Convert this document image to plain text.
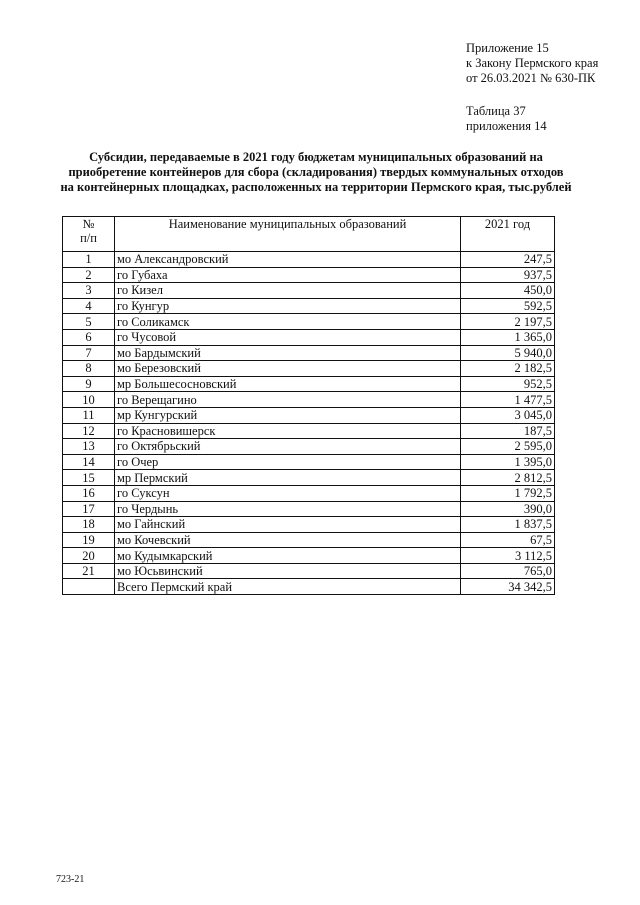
Приложение 15
к Закону Пермского края
от 26.03.2021 № 630-ПК
Таблица 37
приложения 14
Субсидии, передаваемые в 2021 году бюджетам муниципальных образований на
приобретение контейнеров для сбора (складирования) твердых коммунальных отходов
на контейнерных площадках, расположенных на территории Пермского края, тыс.рублей
№
п/п	Наименование муниципальных образований	2021 год
1	мо Александровский	247,5
2	го Губаха	937,5
3	го Кизел	450,0
4	го Кунгур	592,5
5	го Соликамск	2 197,5
6	го Чусовой	1 365,0
7	мо Бардымский	5 940,0
8	мо Березовский	2 182,5
9	мр Большесосновский	952,5
10	го Верещагино	1 477,5
11	мр Кунгурский	3 045,0
12	го Красновишерск	187,5
13	го Октябрьский	2 595,0
14	го Очер	1 395,0
15	мр Пермский	2 812,5
16	го Суксун	1 792,5
17	го Чердынь	390,0
18	мо Гайнский	1 837,5
19	мо Кочевский	67,5
20	мо Кудымкарский	3 112,5
21	мо Юсьвинский	765,0
	Всего Пермский край	34 342,5
723-21
